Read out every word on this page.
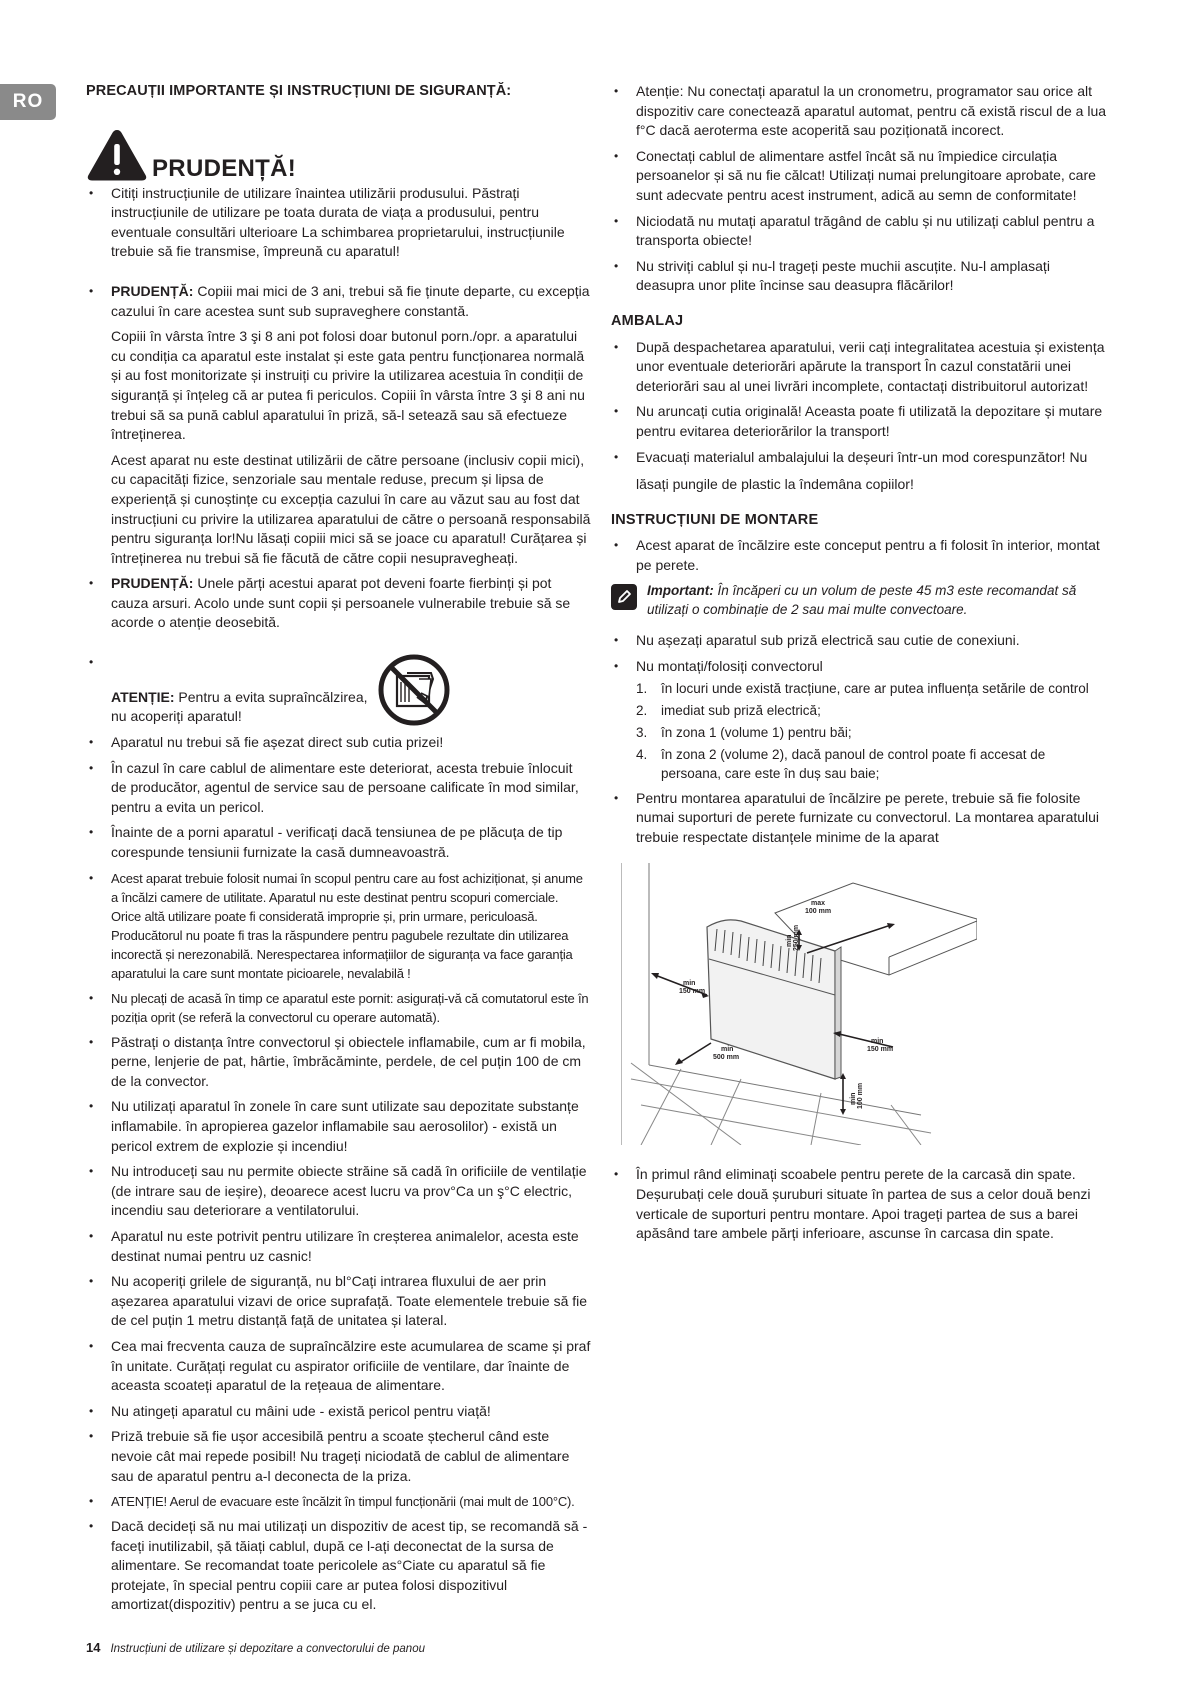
RO	PRECAUȚII IMPORTANTE ȘI INSTRUCȚIUNI DE SIGURANȚĂ:
PRUDENȚĂ!
• Citiți instrucțiunile de utilizare înaintea utilizării produsului. Păstrați instrucțiunile de utilizare pe toata durata de viața a produsului, pentru eventuale consultări ulterioare La schimbarea proprietarului, instrucțiunile trebuie să fie transmise, împreună cu aparatul!

• PRUDENȚĂ: Copiii mai mici de 3 ani, trebui să fie ținute departe, cu excepția cazului în care acestea sunt sub supraveghere constantă.

Copiii în vârsta între 3 şi 8 ani pot folosi doar butonul porn./opr. a aparatului cu condiția ca aparatul este instalat și este gata pentru funcționarea normală și au fost monitorizate și instruiți cu privire la utilizarea acestuia în condiții de siguranță și înțeleg că ar putea fi periculos. Copiii în vârsta între 3 şi 8 ani nu trebui să sa pună cablul aparatului în priză, să-l setează sau să efectueze întreținerea.

Acest aparat nu este destinat utilizării de către persoane (inclusiv copii mici), cu capacități fizice, senzoriale sau mentale reduse, precum și lipsa de experiență și cunoștințe cu excepția cazului în care au văzut sau au fost dat instrucțiuni cu privire la utilizarea aparatului de către o persoană responsabilă pentru siguranța lor!Nu lăsați copiii mici să se joace cu aparatul! Curățarea și întreținerea nu trebui să fie făcută de către copii nesupravegheați.

• PRUDENȚĂ: Unele părți acestui aparat pot deveni foarte fierbinți și pot cauza arsuri. Acolo unde sunt copii și persoanele vulnerabile trebuie să se acorde o atenție deosebită.
• ATENȚIE: Pentru a evita supraîncălzirea,
nu acoperiți aparatul!
• Aparatul nu trebui să fie așezat direct sub cutia prizei!
• În cazul în care cablul de alimentare este deteriorat, acesta trebuie înlocuit de producător, agentul de service sau de persoane calificate în mod similar, pentru a evita un pericol.
• Înainte de a porni aparatul - verificați dacă tensiunea de pe plăcuța de tip corespunde tensiunii furnizate la casă dumneavoastră.
• Acest aparat trebuie folosit numai în scopul pentru care au fost achiziționat, și anume a încălzi camere de utilitate. Aparatul nu este destinat pentru scopuri comerciale. Orice altă utilizare poate fi considerată improprie și, prin urmare, periculoasă. Producătorul nu poate fi tras la răspundere pentru pagubele rezultate din utilizarea incorectă și nerezonabilă. Nerespectarea informațiilor de siguranța va face garanția aparatului la care sunt montate picioarele, nevalabilă !
• Nu plecați de acasă în timp ce aparatul este pornit: asigurați-vă că comutatorul este în poziția oprit (se referă la convectorul cu operare automată).
• Păstrați o distanța între convectorul și obiectele inflamabile, cum ar fi mobila, perne, lenjerie de pat, hârtie, îmbrăcăminte, perdele, de cel puțin 100 de cm de la convector.
• Nu utilizați aparatul în zonele în care sunt utilizate sau depozitate substanțe inflamabile. în apropierea gazelor inflamabile sau aerosolilor) - există un pericol extrem de explozie și incendiu!
• Nu introduceți sau nu permite obiecte străine să cadă în orificiile de ventilație (de intrare sau de ieșire), deoarece acest lucru va prov°Ca un ş°C electric, incendiu sau deteriorare a ventilatorului.
• Aparatul nu este potrivit pentru utilizare în creșterea animalelor, acesta este destinat numai pentru uz casnic!
• Nu acoperiți grilele de siguranță, nu bl°Cați intrarea fluxului de aer prin așezarea aparatului vizavi de orice suprafață. Toate elementele trebuie să fie de cel puțin 1 metru distanță față de unitatea și lateral.
• Cea mai frecventa cauza de supraîncălzire este acumularea de scame și praf în unitate. Curățați regulat cu aspirator orificiile de ventilare, dar înainte de aceasta scoateți aparatul de la rețeaua de alimentare.
• Nu atingeți aparatul cu mâini ude - există pericol pentru viață!
• Priză trebuie să fie ușor accesibilă pentru a scoate ștecherul când este nevoie cât mai repede posibil! Nu trageți niciodată de cablul de alimentare sau de aparatul pentru a-l deconecta de la priza.
• ATENȚIE! Aerul de evacuare este încălzit în timpul funcționării (mai mult de 100°C).
• Dacă decideți să nu mai utilizați un dispozitiv de acest tip, se recomandă să - faceți inutilizabil, șă tăiați cablul, după ce l-ați deconectat de la sursa de alimentare. Se recomandat toate pericolele as°Ciate cu aparatul să fie protejate, în special pentru copiii care ar putea folosi dispozitivul amortizat(dispozitiv) pentru a se juca cu el.
• Atenție: Nu conectați aparatul la un cronometru, programator sau orice alt dispozitiv care conectează aparatul automat, pentru că există riscul de a lua f°C dacă aeroterma este acoperită sau poziționată incorect.
• Conectați cablul de alimentare astfel încât să nu împiedice circulația persoanelor și să nu fie călcat! Utilizați numai prelungitoare aprobate, care sunt adecvate pentru acest instrument, adică au semn de conformitate!
• Niciodată nu mutați aparatul trăgând de cablu și nu utilizați cablul pentru a transporta obiecte!
• Nu striviți cablul și nu-l trageți peste muchii ascuțite. Nu-l amplasați deasupra unor plite încinse sau deasupra flăcărilor!
AMBALAJ
• După despachetarea aparatului, verii cați integralitatea acestuia și existența unor eventuale deteriorări apărute la transport În cazul constatării unei deteriorări sau al unei livrări incomplete, contactați distribuitorul autorizat!
• Nu aruncați cutia originală! Aceasta poate fi utilizată la depozitare și mutare pentru evitarea deteriorărilor la transport!
• Evacuați materialul ambalajului la deșeuri într-un mod corespunzător! Nu

lăsați pungile de plastic la îndemâna copiilor!

INSTRUCȚIUNI DE MONTARE
• Acest aparat de încălzire este conceput pentru a fi folosit în interior, montat pe perete.
Important: În încăperi cu un volum de peste 45 m3 este recomandat să utilizați o combinație de 2 sau mai multe convectoare.
• Nu așezați aparatul sub priză electrică sau cutie de conexiuni.
• Nu montați/folosiți convectorul
1. în locuri unde există tracțiune, care ar putea influența setările de control
2. imediat sub priză electrică;
3. în zona 1 (volume 1) pentru băi;
4. în zona 2 (volume 2), dacă panoul de control poate fi accesat de persoana, care este în duș sau baie;
• Pentru montarea aparatului de încălzire pe perete, trebuie să fie folosite numai suporturi de perete furnizate cu convectorul. La montarea aparatului trebuie respectate distanțele minime de la aparat
max
100 mm
min
150 mm
min
150 mm
min
500 mm
min 250 mm
min 100 mm
• În primul rând eliminați scoabele pentru perete de la carcasă din spate. Deșurubați cele două șuruburi situate în partea de sus a celor două benzi verticale de suporturi pentru montare. Apoi trageți partea de sus a barei apăsând tare ambele părți inferioare, ascunse în carcasa din spate.
14 Instrucțiuni de utilizare și depozitare a convectorului de panou
